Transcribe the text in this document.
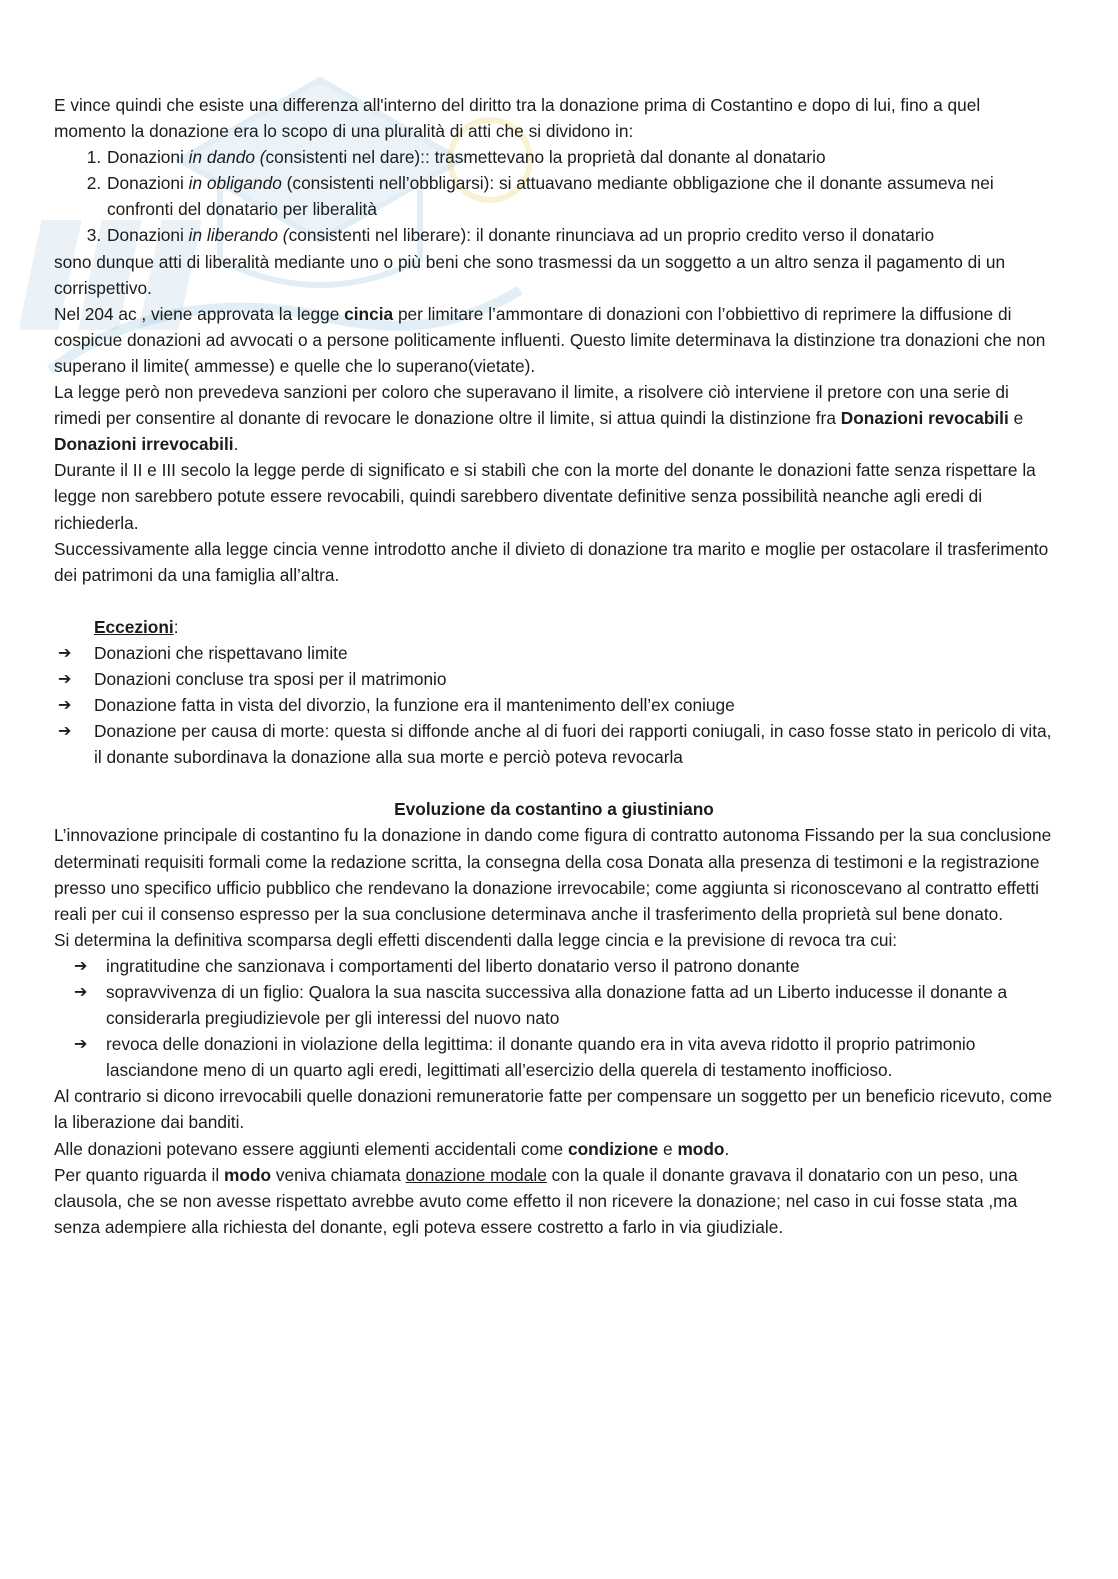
E vince quindi che esiste una differenza all'interno del diritto tra la donazione prima di Costantino e dopo di lui, fino a quel momento la donazione era lo scopo di una pluralità di atti che si dividono in:

1. Donazioni in dando (consistenti nel dare):: trasmettevano la proprietà dal donante al donatario
2. Donazioni in obligando (consistenti nell’obbligarsi): si attuavano mediante obbligazione che il donante assumeva nei confronti del donatario per liberalità
3. Donazioni in liberando (consistenti nel liberare): il donante rinunciava ad un proprio credito verso il donatario

sono dunque atti di liberalità mediante uno o più beni che sono trasmessi da un soggetto a un altro senza il pagamento di un corrispettivo.

Nel 204 ac , viene approvata la legge cincia per limitare l’ammontare di donazioni con l’obbiettivo di reprimere la diffusione di cospicue donazioni ad avvocati o a persone politicamente influenti. Questo limite determinava la distinzione tra donazioni che non superano il limite( ammesse) e quelle che lo superano(vietate).

La legge però non prevedeva sanzioni per coloro che superavano il limite, a risolvere ciò interviene il pretore con una serie di rimedi per consentire al donante di revocare le donazione oltre il limite, si attua quindi la distinzione fra Donazioni revocabili e Donazioni irrevocabili.

Durante il II e III secolo la legge perde di significato e si stabilì che con la morte del donante le donazioni fatte senza rispettare la legge non sarebbero potute essere revocabili, quindi sarebbero diventate definitive senza possibilità neanche agli eredi di richiederla.

Successivamente alla legge cincia venne introdotto anche il divieto di donazione tra marito e moglie per ostacolare il trasferimento dei patrimoni da una famiglia all’altra.

Eccezioni:

➔ Donazioni che rispettavano limite
➔ Donazioni concluse tra sposi per il matrimonio
➔ Donazione fatta in vista del divorzio, la funzione era il mantenimento dell’ex coniuge
➔ Donazione per causa di morte: questa si diffonde anche al di fuori dei rapporti coniugali, in caso fosse stato in pericolo di vita, il donante subordinava la donazione alla sua morte e perciò poteva revocarla

Evoluzione da costantino a giustiniano

L’innovazione principale di costantino fu la donazione in dando come figura di contratto autonoma Fissando per la sua conclusione determinati requisiti formali come la redazione scritta, la consegna della cosa Donata alla presenza di testimoni e la registrazione presso uno specifico ufficio pubblico che rendevano la donazione irrevocabile; come aggiunta si riconoscevano al contratto effetti reali per cui il consenso espresso per la sua conclusione determinava anche il trasferimento della proprietà sul bene donato.

Si determina la definitiva scomparsa degli effetti discendenti dalla legge cincia e la previsione di revoca tra cui:

➔ ingratitudine che sanzionava i comportamenti del liberto donatario verso il patrono donante
➔ sopravvivenza di un figlio: Qualora la sua nascita successiva alla donazione fatta ad un Liberto inducesse il donante a considerarla pregiudizievole per gli interessi del nuovo nato
➔ revoca delle donazioni in violazione della legittima: il donante quando era in vita aveva ridotto il proprio patrimonio lasciandone meno di un quarto agli eredi, legittimati all’esercizio della querela di testamento inofficioso.

Al contrario si dicono irrevocabili quelle donazioni remuneratorie fatte per compensare un soggetto per un beneficio ricevuto, come la liberazione dai banditi.

Alle donazioni potevano essere aggiunti elementi accidentali come condizione e modo.

Per quanto riguarda il modo veniva chiamata donazione modale con la quale il donante gravava il donatario con un peso, una clausola, che se non avesse rispettato avrebbe avuto come effetto il non ricevere la donazione; nel caso in cui fosse stata ,ma senza adempiere alla richiesta del donante, egli poteva essere costretto a farlo in via giudiziale.
